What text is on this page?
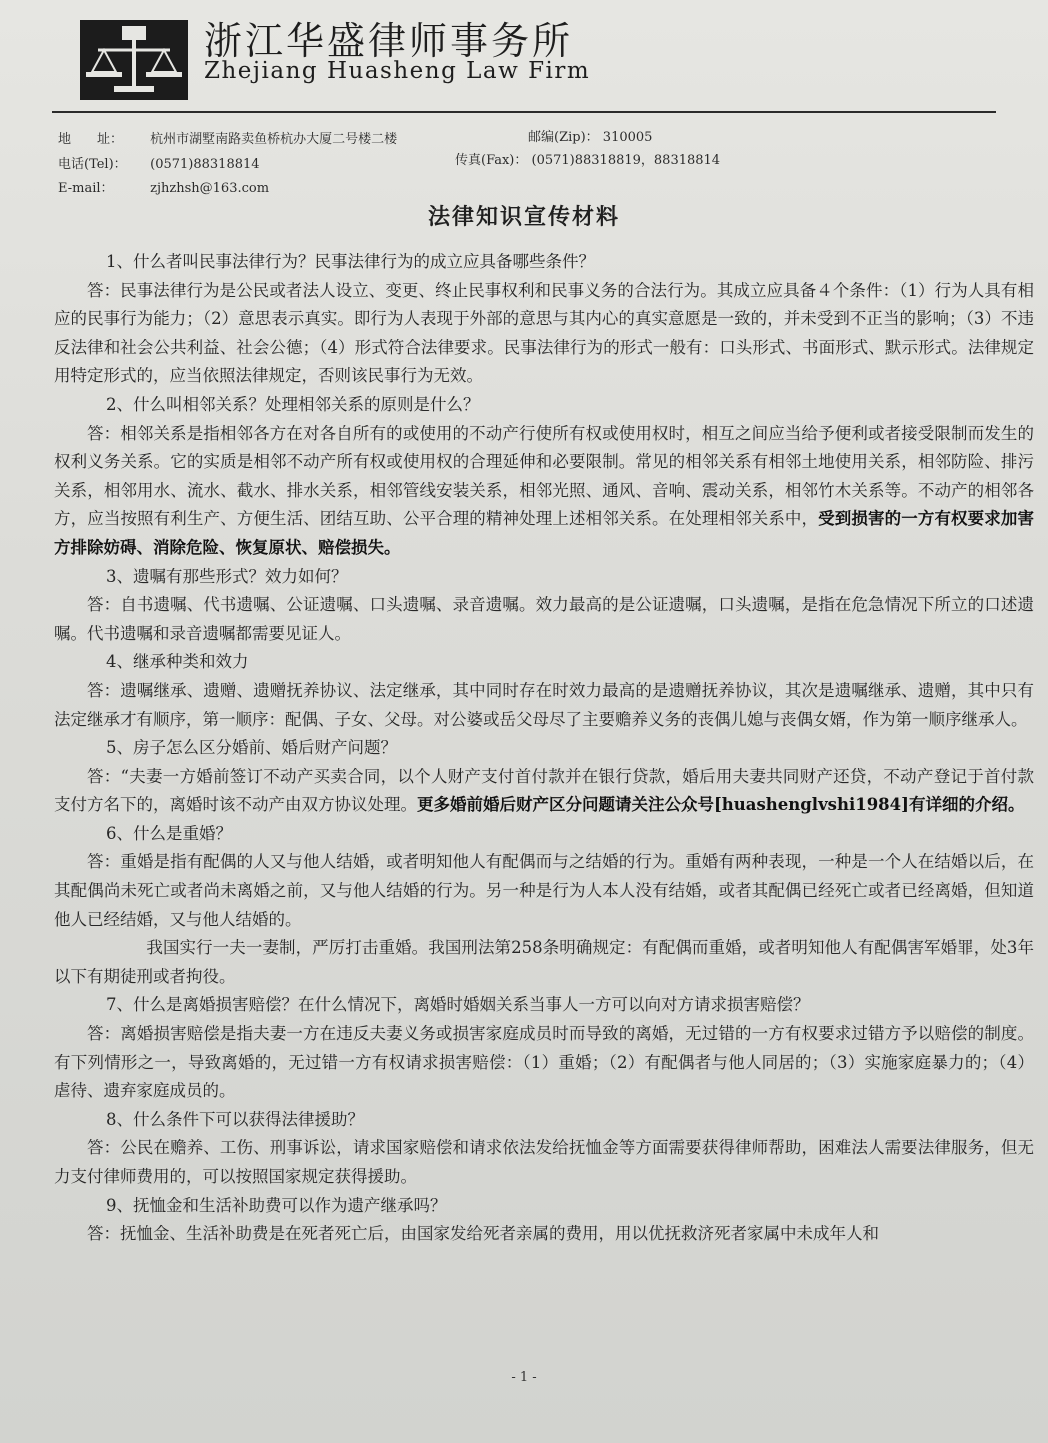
浙江华盛律师事务所
Zhejiang Huasheng Law Firm
地　　址： 杭州市湖墅南路卖鱼桥杭办大厦二号楼二楼	邮编(Zip)： 310005
电话(Tel)： (0571)88318814	传真(Fax)： (0571)88318819，88318814
E-mail：	zjhzhsh@163.com
法律知识宣传材料

1、什么者叫民事法律行为？民事法律行为的成立应具备哪些条件？

答：民事法律行为是公民或者法人设立、变更、终止民事权利和民事义务的合法行为。其成立应具备４个条件：（1）行为人具有相应的民事行为能力；（2）意思表示真实。即行为人表现于外部的意思与其内心的真实意愿是一致的，并未受到不正当的影响；（3）不违反法律和社会公共利益、社会公德；（4）形式符合法律要求。民事法律行为的形式一般有：口头形式、书面形式、默示形式。法律规定用特定形式的，应当依照法律规定，否则该民事行为无效。

2、什么叫相邻关系？处理相邻关系的原则是什么？

答：相邻关系是指相邻各方在对各自所有的或使用的不动产行使所有权或使用权时，相互之间应当给予便利或者接受限制而发生的权利义务关系。它的实质是相邻不动产所有权或使用权的合理延伸和必要限制。常见的相邻关系有相邻土地使用关系，相邻防险、排污关系，相邻用水、流水、截水、排水关系，相邻管线安装关系，相邻光照、通风、音响、震动关系，相邻竹木关系等。不动产的相邻各方，应当按照有利生产、方便生活、团结互助、公平合理的精神处理上述相邻关系。在处理相邻关系中，受到损害的一方有权要求加害方排除妨碍、消除危险、恢复原状、赔偿损失。

3、遗嘱有那些形式？效力如何？

答：自书遗嘱、代书遗嘱、公证遗嘱、口头遗嘱、录音遗嘱。效力最高的是公证遗嘱，口头遗嘱，是指在危急情况下所立的口述遗嘱。代书遗嘱和录音遗嘱都需要见证人。

4、继承种类和效力

答：遗嘱继承、遗赠、遗赠抚养协议、法定继承，其中同时存在时效力最高的是遗赠抚养协议，其次是遗嘱继承、遗赠，其中只有法定继承才有顺序，第一顺序：配偶、子女、父母。对公婆或岳父母尽了主要赡养义务的丧偶儿媳与丧偶女婿，作为第一顺序继承人。

5、房子怎么区分婚前、婚后财产问题？

答：“夫妻一方婚前签订不动产买卖合同，以个人财产支付首付款并在银行贷款，婚后用夫妻共同财产还贷，不动产登记于首付款支付方名下的，离婚时该不动产由双方协议处理。更多婚前婚后财产区分问题请关注公众号[huashenglvshi1984]有详细的介绍。

6、什么是重婚？

答：重婚是指有配偶的人又与他人结婚，或者明知他人有配偶而与之结婚的行为。重婚有两种表现，一种是一个人在结婚以后，在其配偶尚未死亡或者尚未离婚之前，又与他人结婚的行为。另一种是行为人本人没有结婚，或者其配偶已经死亡或者已经离婚，但知道他人已经结婚，又与他人结婚的。

我国实行一夫一妻制，严厉打击重婚。我国刑法第258条明确规定：有配偶而重婚，或者明知他人有配偶害军婚罪，处3年以下有期徒刑或者拘役。

7、什么是离婚损害赔偿？在什么情况下，离婚时婚姻关系当事人一方可以向对方请求损害赔偿？

答：离婚损害赔偿是指夫妻一方在违反夫妻义务或损害家庭成员时而导致的离婚，无过错的一方有权要求过错方予以赔偿的制度。有下列情形之一，导致离婚的，无过错一方有权请求损害赔偿：（1）重婚；（2）有配偶者与他人同居的；（3）实施家庭暴力的；（4）虐待、遗弃家庭成员的。

8、什么条件下可以获得法律援助？

答：公民在赡养、工伤、刑事诉讼，请求国家赔偿和请求依法发给抚恤金等方面需要获得律师帮助，困难法人需要法律服务，但无力支付律师费用的，可以按照国家规定获得援助。

9、抚恤金和生活补助费可以作为遗产继承吗？

答：抚恤金、生活补助费是在死者死亡后，由国家发给死者亲属的费用，用以优抚救济死者家属中未成年人和

- 1 -
